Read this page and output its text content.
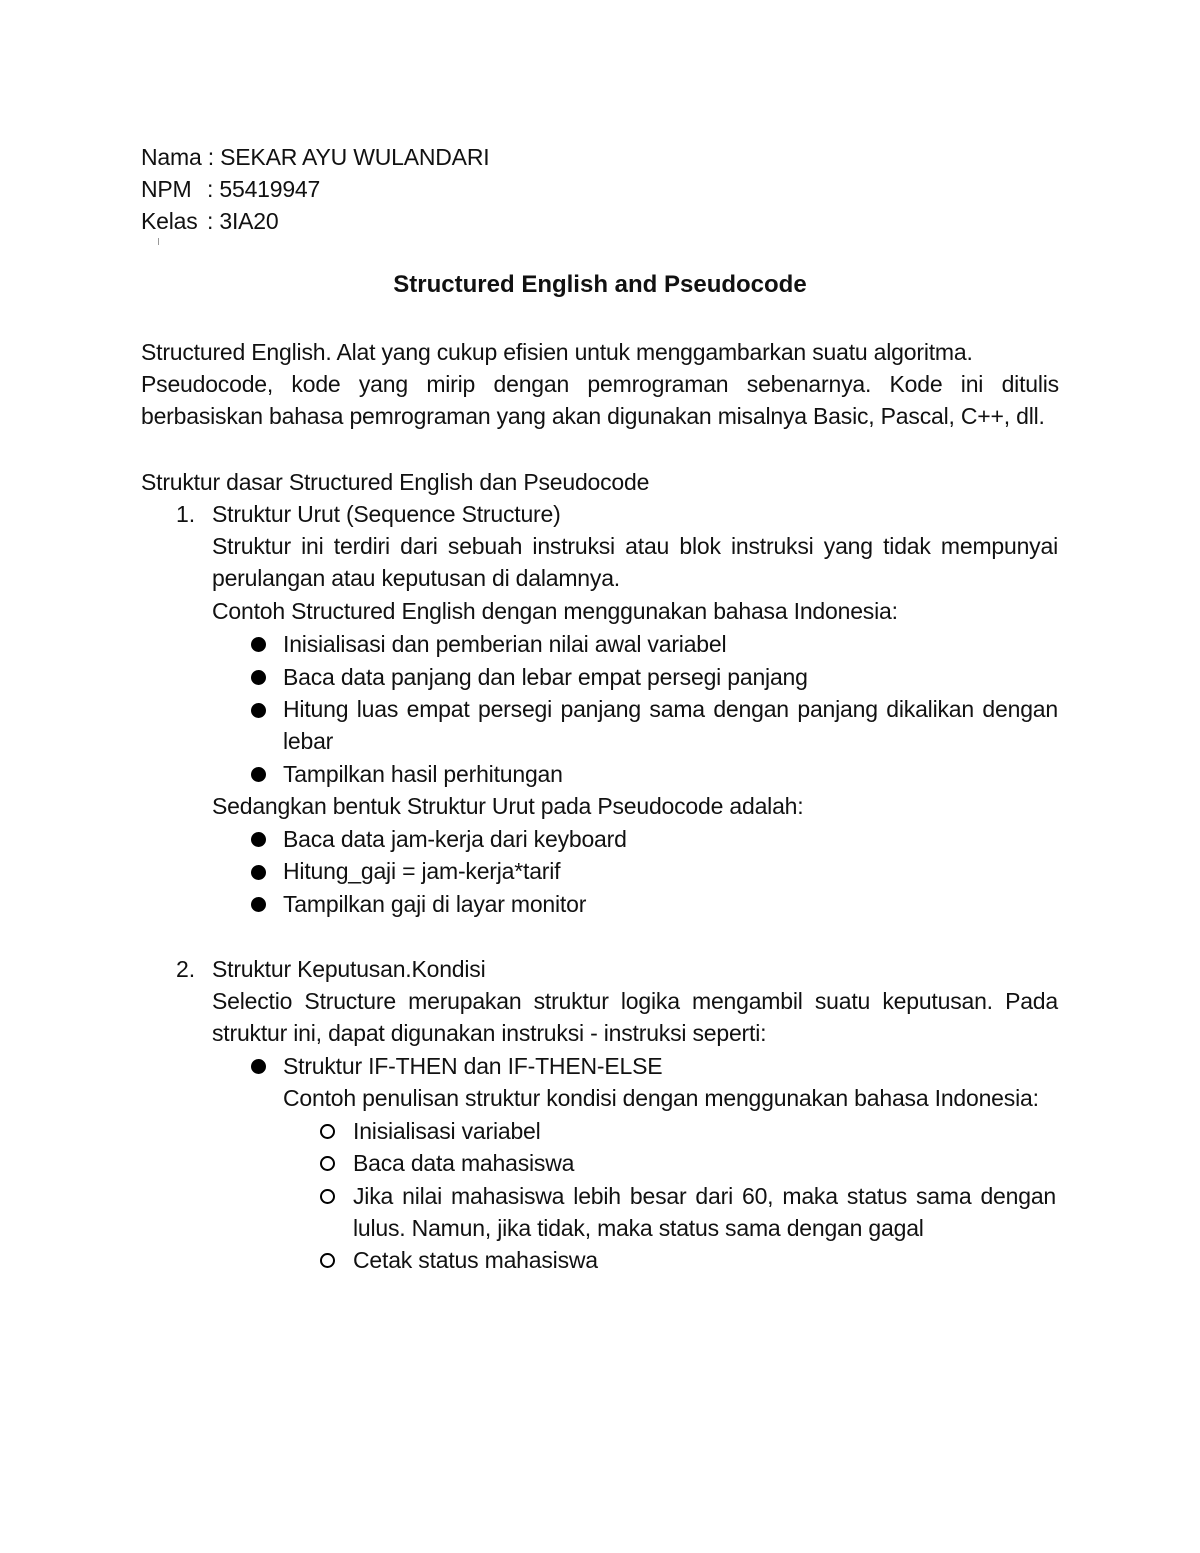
Nama : SEKAR AYU WULANDARI
NPM : 55419947
Kelas : 3IA20
Structured English and Pseudocode
Structured English. Alat yang cukup efisien untuk menggambarkan suatu algoritma.
Pseudocode, kode yang mirip dengan pemrograman sebenarnya. Kode ini ditulis
berbasiskan bahasa pemrograman yang akan digunakan misalnya Basic, Pascal, C++, dll.
Struktur dasar Structured English dan Pseudocode
1. Struktur Urut (Sequence Structure)
Struktur ini terdiri dari sebuah instruksi atau blok instruksi yang tidak mempunyai
perulangan atau keputusan di dalamnya.
Contoh Structured English dengan menggunakan bahasa Indonesia:
Inisialisasi dan pemberian nilai awal variabel
Baca data panjang dan lebar empat persegi panjang
Hitung luas empat persegi panjang sama dengan panjang dikalikan dengan
lebar
Tampilkan hasil perhitungan
Sedangkan bentuk Struktur Urut pada Pseudocode adalah:
Baca data jam-kerja dari keyboard
Hitung_gaji = jam-kerja*tarif
Tampilkan gaji di layar monitor
2. Struktur Keputusan.Kondisi
Selectio Structure merupakan struktur logika mengambil suatu keputusan. Pada
struktur ini, dapat digunakan instruksi - instruksi seperti:
Struktur IF-THEN dan IF-THEN-ELSE
Contoh penulisan struktur kondisi dengan menggunakan bahasa Indonesia:
Inisialisasi variabel
Baca data mahasiswa
Jika nilai mahasiswa lebih besar dari 60, maka status sama dengan
lulus. Namun, jika tidak, maka status sama dengan gagal
Cetak status mahasiswa
